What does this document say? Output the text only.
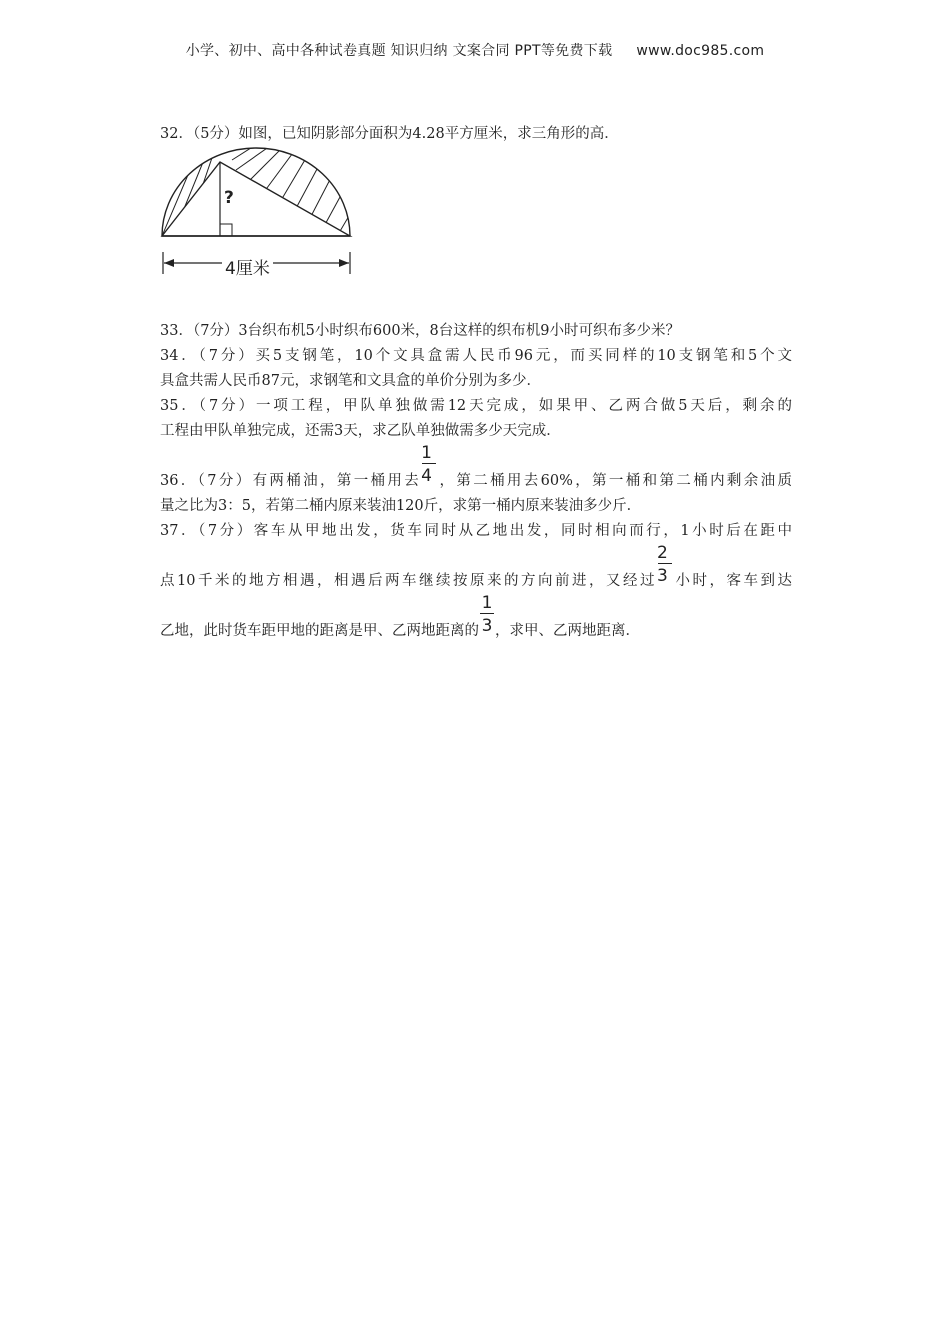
小学、初中、高中各种试卷真题 知识归纳 文案合同 PPT等免费下载 www.doc985.com
32．（5分）如图，已知阴影部分面积为4.28平方厘米，求三角形的高．
33．（7分）3台织布机5小时织布600米，8台这样的织布机9小时可织布多少米？
34．（7分）买5支钢笔，10个文具盒需人民币96元，而买同样的10支钢笔和5个文
具盒共需人民币87元，求钢笔和文具盒的单价分别为多少．
35．（7分）一项工程，甲队单独做需12天完成，如果甲、乙两合做5天后，剩余的
工程由甲队单独完成，还需3天，求乙队单独做需多少天完成．
36．（7分）有两桶油，第一桶用去 $\frac{1}{4}$ ，第二桶用去60%，第一桶和第二桶内剩余油质
量之比为3：5，若第二桶内原来装油120斤，求第一桶内原来装油多少斤．
37．（7分）客车从甲地出发，货车同时从乙地出发，同时相向而行，1小时后在距中
点10千米的地方相遇，相遇后两车继续按原来的方向前进，又经过 $\frac{2}{3}$ 小时，客车到达
乙地，此时货车距甲地的距离是甲、乙两地距离的 $\frac{1}{3}$ ，求甲、乙两地距离．
?
4厘米
